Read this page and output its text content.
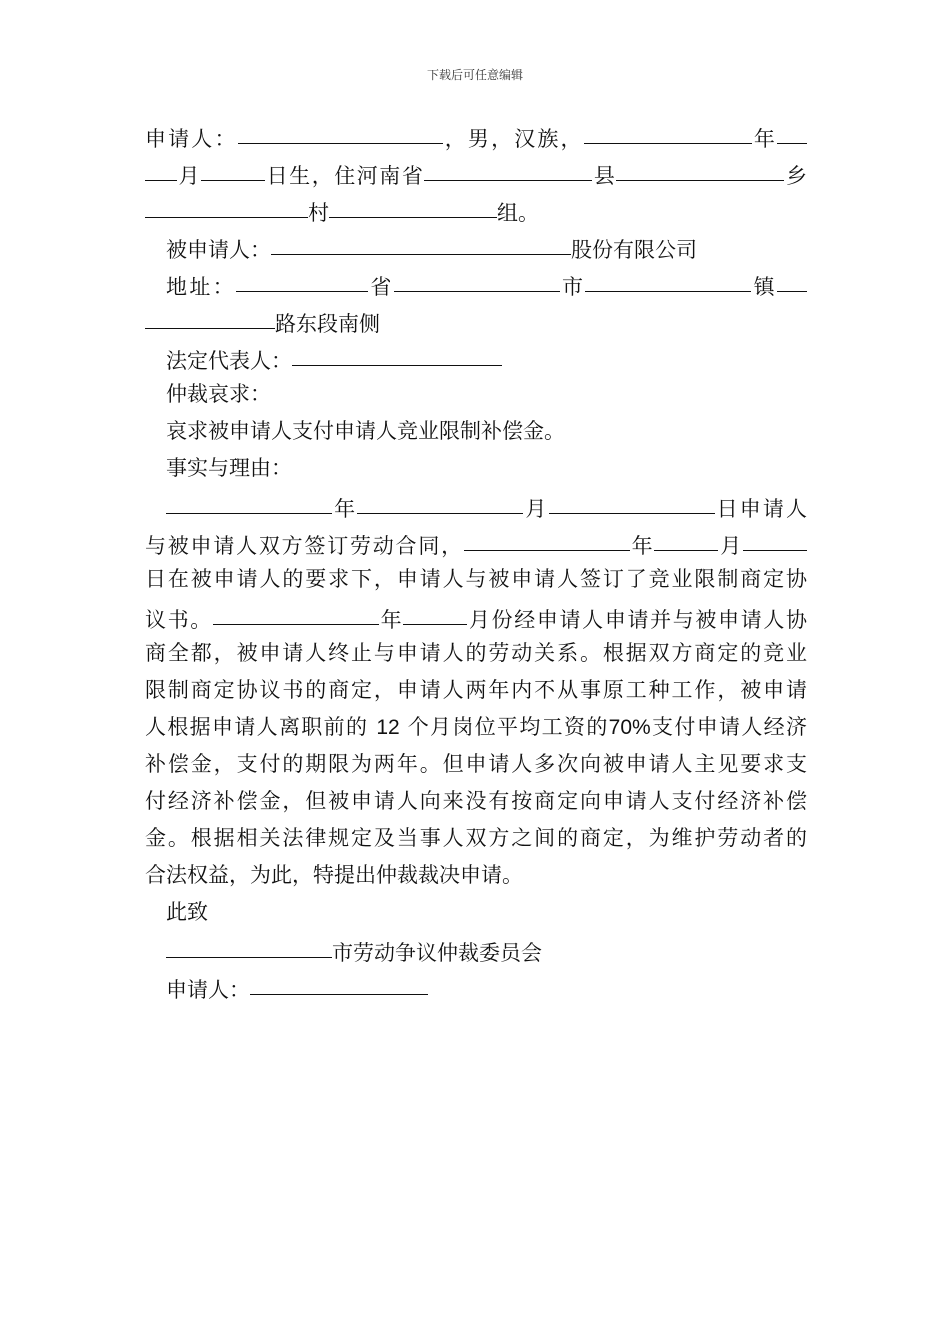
下载后可任意编辑
申请人：	，男，汉族，	年
月	日生，住河南省	县	乡
村	组。
被申请人：	股份有限公司
地址：	省	市	镇
路东段南侧
法定代表人：
仲裁哀求：
哀求被申请人支付申请人竞业限制补偿金。
事实与理由：
年	月	日申请人
与被申请人双方签订劳动合同，	年	月
日在被申请人的要求下，申请人与被申请人签订了竞业限制商定协
议书。	年	月份经申请人申请并与被申请人协
商全都，被申请人终止与申请人的劳动关系。根据双方商定的竞业
限制商定协议书的商定，申请人两年内不从事原工种工作，被申请
人根据申请人离职前的 12 个月岗位平均工资的70%支付申请人经济
补偿金，支付的期限为两年。但申请人多次向被申请人主见要求支
付经济补偿金，但被申请人向来没有按商定向申请人支付经济补偿
金。根据相关法律规定及当事人双方之间的商定，为维护劳动者的
合法权益，为此，特提出仲裁裁决申请。
此致
市劳动争议仲裁委员会
申请人：
